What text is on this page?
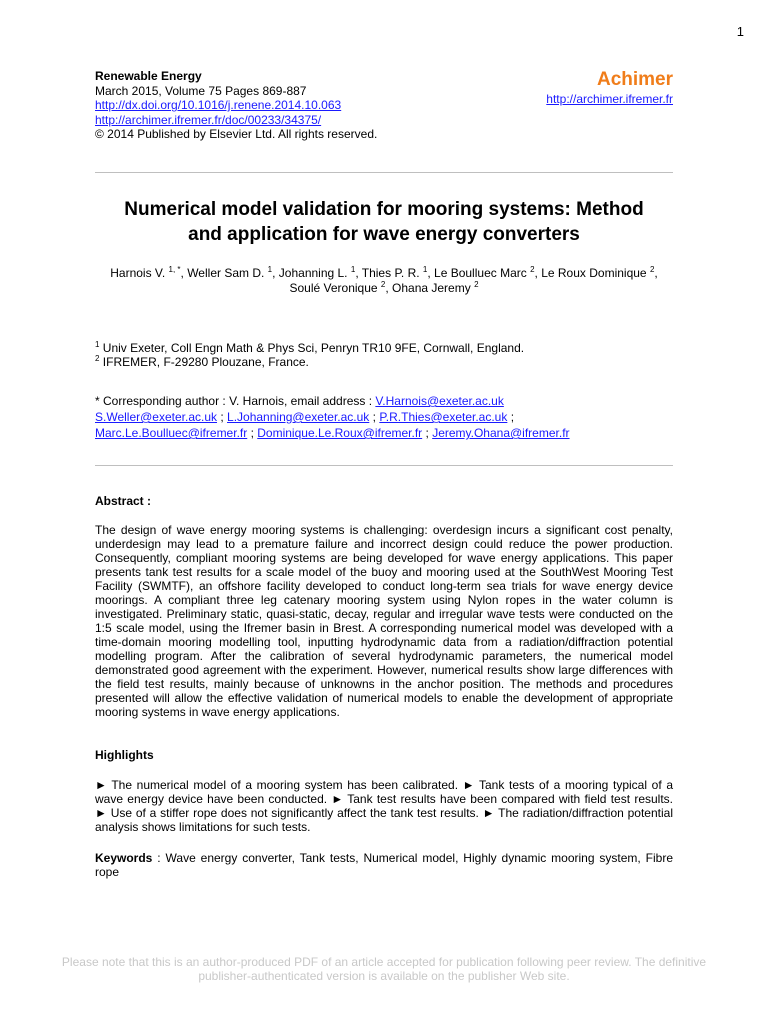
1
Renewable Energy
March 2015, Volume 75 Pages 869-887
http://dx.doi.org/10.1016/j.renene.2014.10.063
http://archimer.ifremer.fr/doc/00233/34375/
© 2014 Published by Elsevier Ltd. All rights reserved.
Achimer
http://archimer.ifremer.fr
Numerical model validation for mooring systems: Method
and application for wave energy converters
Harnois V. $^{1, *}$, Weller Sam D. $^1$, Johanning L. $^1$, Thies P. R. $^1$, Le Boulluec Marc $^2$, Le Roux Dominique $^2$,
Soulé Veronique $^2$, Ohana Jeremy $^2$
$^1$ Univ Exeter, Coll Engn Math & Phys Sci, Penryn TR10 9FE, Cornwall, England.
$^2$ IFREMER, F-29280 Plouzane, France.
* Corresponding author : V. Harnois, email address : V.Harnois@exeter.ac.uk
S.Weller@exeter.ac.uk ; L.Johanning@exeter.ac.uk ; P.R.Thies@exeter.ac.uk ;
Marc.Le.Boulluec@ifremer.fr ; Dominique.Le.Roux@ifremer.fr ; Jeremy.Ohana@ifremer.fr
Abstract :
The design of wave energy mooring systems is challenging: overdesign incurs a significant cost penalty, underdesign may lead to a premature failure and incorrect design could reduce the power production. Consequently, compliant mooring systems are being developed for wave energy applications. This paper presents tank test results for a scale model of the buoy and mooring used at the SouthWest Mooring Test Facility (SWMTF), an offshore facility developed to conduct long-term sea trials for wave energy device moorings. A compliant three leg catenary mooring system using Nylon ropes in the water column is investigated. Preliminary static, quasi-static, decay, regular and irregular wave tests were conducted on the 1:5 scale model, using the Ifremer basin in Brest. A corresponding numerical model was developed with a time-domain mooring modelling tool, inputting hydrodynamic data from a radiation/diffraction potential modelling program. After the calibration of several hydrodynamic parameters, the numerical model demonstrated good agreement with the experiment. However, numerical results show large differences with the field test results, mainly because of unknowns in the anchor position. The methods and procedures presented will allow the effective validation of numerical models to enable the development of appropriate mooring systems in wave energy applications.
Highlights
► The numerical model of a mooring system has been calibrated. ► Tank tests of a mooring typical of a wave energy device have been conducted. ► Tank test results have been compared with field test results. ► Use of a stiffer rope does not significantly affect the tank test results. ► The radiation/diffraction potential analysis shows limitations for such tests.
Keywords : Wave energy converter, Tank tests, Numerical model, Highly dynamic mooring system, Fibre rope
Please note that this is an author-produced PDF of an article accepted for publication following peer review. The definitive publisher-authenticated version is available on the publisher Web site.
